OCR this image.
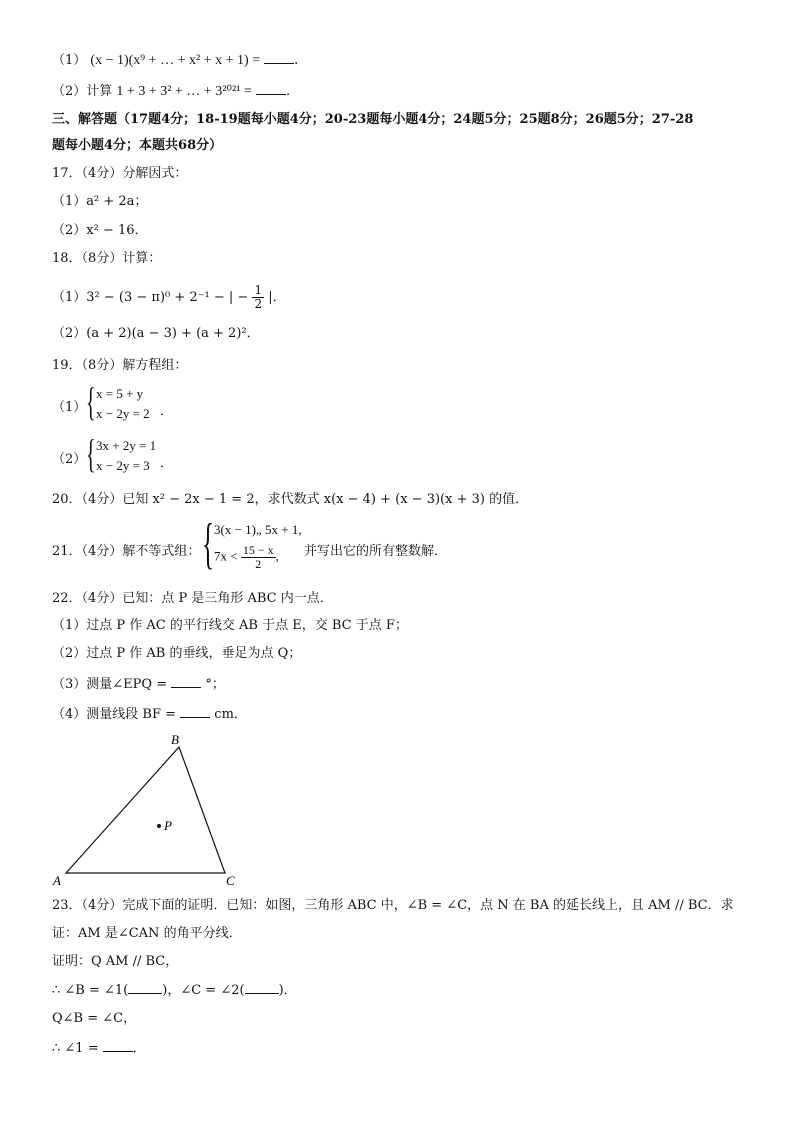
（1） (x − 1)(x⁹ + … + x² + x + 1) =	.
（2）计算 1 + 3 + 3² + … + 3²⁰²¹ =	.
三、解答题（17题4分；18-19题每小题4分；20-23题每小题4分；24题5分；25题8分；26题5分；27-28
题每小题4分；本题共68分）
17．（4分）分解因式：
（1）a² + 2a；
（2）x² − 16．
18．（8分）计算：
（1）3² − (3 − π)⁰ + 2⁻¹ − | − $\frac{1}{2}$ |．
（2）(a + 2)(a − 3) + (a + 2)²．
19．（8分）解方程组：
（1） { x = 5 + y
x − 2y = 2 ．
（2） { 3x + 2y = 1
x − 2y = 3 ．
20．（4分）已知 x² − 2x − 1 = 2，求代数式 x(x − 4) + (x − 3)(x + 3) 的值．
21．（4分）解不等式组： { 3(x − 1)„ 5x + 1,
$7x < \frac{15 - x}{2}$ , 并写出它的所有整数解．
22．（4分）已知：点 P 是三角形 ABC 内一点．
（1）过点 P 作 AC 的平行线交 AB 于点 E，交 BC 于点 F；
（2）过点 P 作 AB 的垂线，垂足为点 Q；
（3）测量∠EPQ =	°；
（4）测量线段 BF =	cm．
A
B
C
P
23．（4分）完成下面的证明．已知：如图，三角形 ABC 中，∠B = ∠C，点 N 在 BA 的延长线上，且 AM // BC．求
证：AM 是∠CAN 的角平分线．
证明：Q AM // BC，
∴ ∠B = ∠1(	)，∠C = ∠2(	)．
Q∠B = ∠C，
∴ ∠1 =	．
